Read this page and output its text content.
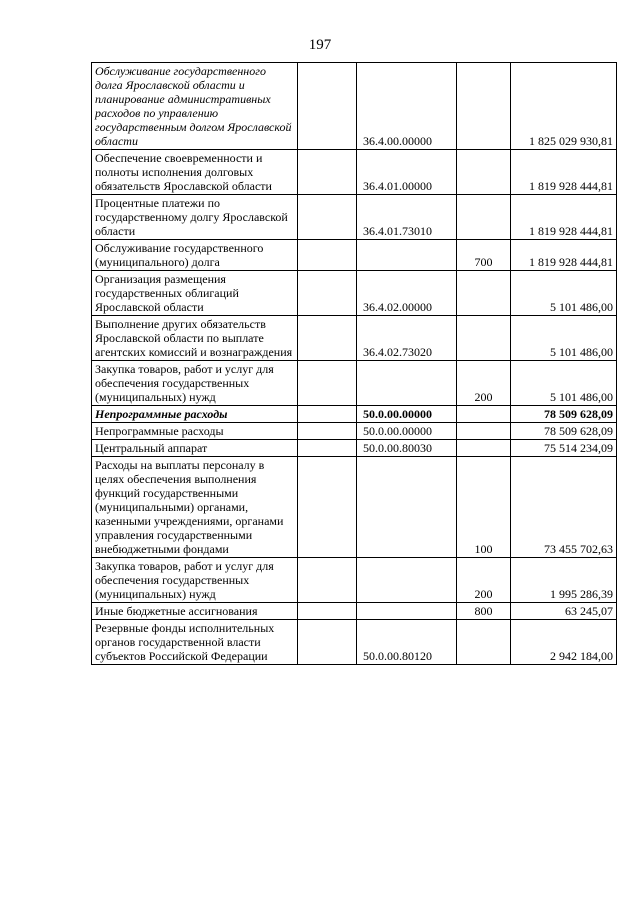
197
Обслуживание государственного долга Ярославской области и планирование административных расходов по управлению государственным долгом Ярославской области		36.4.00.00000		1 825 029 930,81
Обеспечение своевременности и полноты исполнения долговых обязательств Ярославской области		36.4.01.00000		1 819 928 444,81
Процентные платежи по государственному долгу Ярославской области		36.4.01.73010		1 819 928 444,81
Обслуживание государственного (муниципального) долга			700	1 819 928 444,81
Организация размещения государственных облигаций Ярославской области		36.4.02.00000		5 101 486,00
Выполнение других обязательств Ярославской области по выплате агентских комиссий и вознаграждения		36.4.02.73020		5 101 486,00
Закупка товаров, работ и услуг для обеспечения государственных (муниципальных) нужд			200	5 101 486,00
Непрограммные расходы		50.0.00.00000		78 509 628,09
Непрограммные расходы		50.0.00.00000		78 509 628,09
Центральный аппарат		50.0.00.80030		75 514 234,09
Расходы на выплаты персоналу в целях обеспечения выполнения функций государственными (муниципальными) органами, казенными учреждениями, органами управления государственными внебюджетными фондами			100	73 455 702,63
Закупка товаров, работ и услуг для обеспечения государственных (муниципальных) нужд			200	1 995 286,39
Иные бюджетные ассигнования			800	63 245,07
Резервные фонды исполнительных органов государственной власти субъектов Российской Федерации		50.0.00.80120		2 942 184,00
